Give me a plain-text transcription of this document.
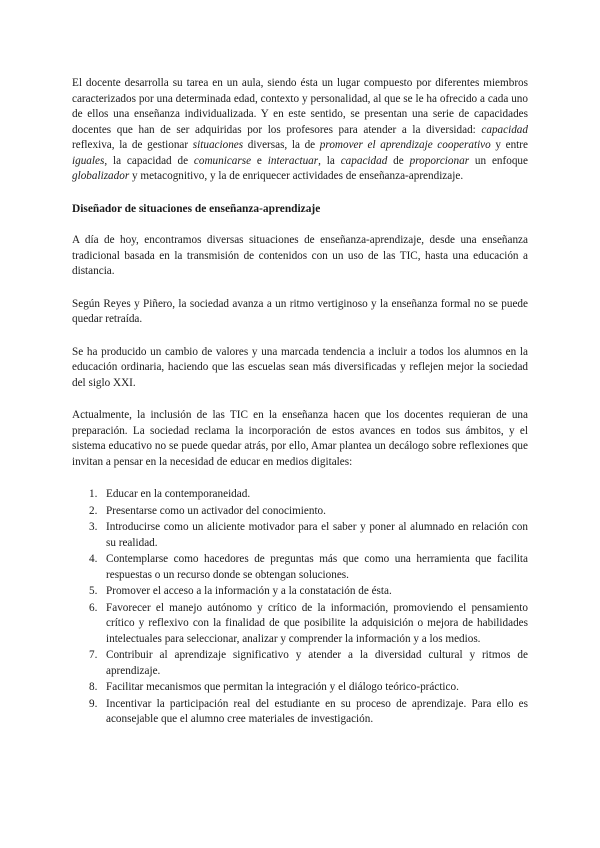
El docente desarrolla su tarea en un aula, siendo ésta un lugar compuesto por diferentes miembros caracterizados por una determinada edad, contexto y personalidad, al que se le ha ofrecido a cada uno de ellos una enseñanza individualizada. Y en este sentido, se presentan una serie de capacidades docentes que han de ser adquiridas por los profesores para atender a la diversidad: capacidad reflexiva, la de gestionar situaciones diversas, la de promover el aprendizaje cooperativo y entre iguales, la capacidad de comunicarse e interactuar, la capacidad de proporcionar un enfoque globalizador y metacognitivo, y la de enriquecer actividades de enseñanza-aprendizaje.

Diseñador de situaciones de enseñanza-aprendizaje

A día de hoy, encontramos diversas situaciones de enseñanza-aprendizaje, desde una enseñanza tradicional basada en la transmisión de contenidos con un uso de las TIC, hasta una educación a distancia.

Según Reyes y Piñero, la sociedad avanza a un ritmo vertiginoso y la enseñanza formal no se puede quedar retraída.

Se ha producido un cambio de valores y una marcada tendencia a incluir a todos los alumnos en la educación ordinaria, haciendo que las escuelas sean más diversificadas y reflejen mejor la sociedad del siglo XXI.

Actualmente, la inclusión de las TIC en la enseñanza hacen que los docentes requieran de una preparación. La sociedad reclama la incorporación de estos avances en todos sus ámbitos, y el sistema educativo no se puede quedar atrás, por ello, Amar plantea un decálogo sobre reflexiones que invitan a pensar en la necesidad de educar en medios digitales:

1. Educar en la contemporaneidad.
2. Presentarse como un activador del conocimiento.
3. Introducirse como un aliciente motivador para el saber y poner al alumnado en relación con su realidad.
4. Contemplarse como hacedores de preguntas más que como una herramienta que facilita respuestas o un recurso donde se obtengan soluciones.
5. Promover el acceso a la información y a la constatación de ésta.
6. Favorecer el manejo autónomo y crítico de la información, promoviendo el pensamiento crítico y reflexivo con la finalidad de que posibilite la adquisición o mejora de habilidades intelectuales para seleccionar, analizar y comprender la información y a los medios.
7. Contribuir al aprendizaje significativo y atender a la diversidad cultural y ritmos de aprendizaje.
8. Facilitar mecanismos que permitan la integración y el diálogo teórico-práctico.
9. Incentivar la participación real del estudiante en su proceso de aprendizaje. Para ello es aconsejable que el alumno cree materiales de investigación.
